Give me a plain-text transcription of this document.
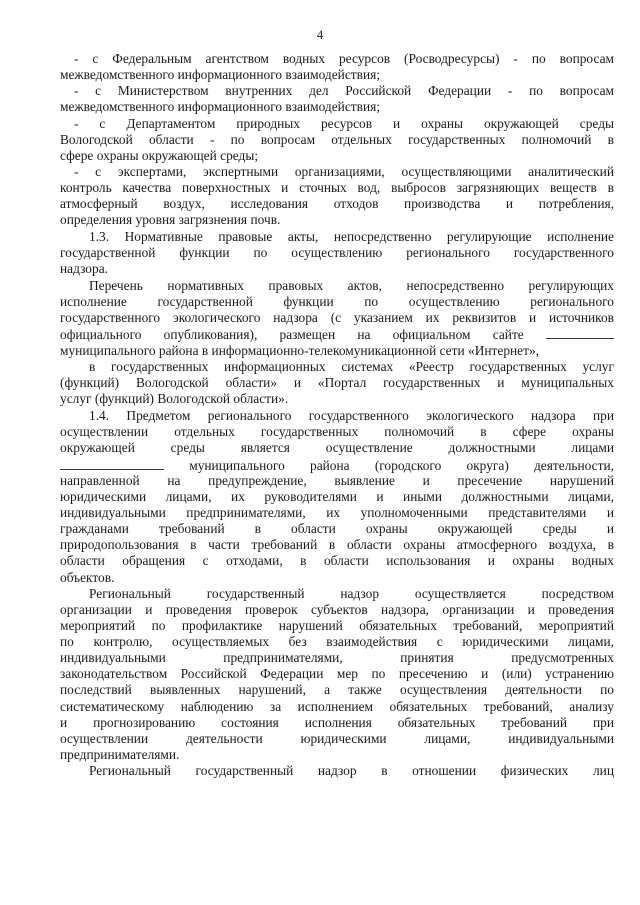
4
- с Федеральным агентством водных ресурсов (Росводресурсы) - по вопросам
межведомственного информационного взаимодействия;
- с Министерством внутренних дел Российской Федерации - по вопросам
межведомственного информационного взаимодействия;
- с Департаментом природных ресурсов и охраны окружающей среды
Вологодской области - по вопросам отдельных государственных полномочий в
сфере охраны окружающей среды;
- с экспертами, экспертными организациями, осуществляющими аналитический
контроль качества поверхностных и сточных вод, выбросов загрязняющих веществ в
атмосферный воздух, исследования отходов производства и потребления,
определения уровня загрязнения почв.
1.3. Нормативные правовые акты, непосредственно регулирующие исполнение
государственной функции по осуществлению регионального государственного
надзора.
Перечень нормативных правовых актов, непосредственно регулирующих
исполнение государственной функции по осуществлению регионального
государственного экологического надзора (с указанием их реквизитов и источников
официального опубликования), размещен на официальном сайте
муниципального района в информационно-телекомуникационной сети «Интернет»,
в государственных информационных системах «Реестр государственных услуг
(функций) Вологодской области» и «Портал государственных и муниципальных
услуг (функций) Вологодской области».
1.4. Предметом регионального государственного экологического надзора при
осуществлении отдельных государственных полномочий в сфере охраны
окружающей среды является осуществление должностными лицами
муниципального района (городского округа) деятельности,
направленной на предупреждение, выявление и пресечение нарушений
юридическими лицами, их руководителями и иными должностными лицами,
индивидуальными предпринимателями, их уполномоченными представителями и
гражданами требований в области охраны окружающей среды и
природопользования в части требований в области охраны атмосферного воздуха, в
области обращения с отходами, в области использования и охраны водных
объектов.
Региональный государственный надзор осуществляется посредством
организации и проведения проверок субъектов надзора, организации и проведения
мероприятий по профилактике нарушений обязательных требований, мероприятий
по контролю, осуществляемых без взаимодействия с юридическими лицами,
индивидуальными предпринимателями, принятия предусмотренных
законодательством Российской Федерации мер по пресечению и (или) устранению
последствий выявленных нарушений, а также осуществления деятельности по
систематическому наблюдению за исполнением обязательных требований, анализу
и прогнозированию состояния исполнения обязательных требований при
осуществлении деятельности юридическими лицами, индивидуальными
предпринимателями.
Региональный государственный надзор в отношении физических лиц
